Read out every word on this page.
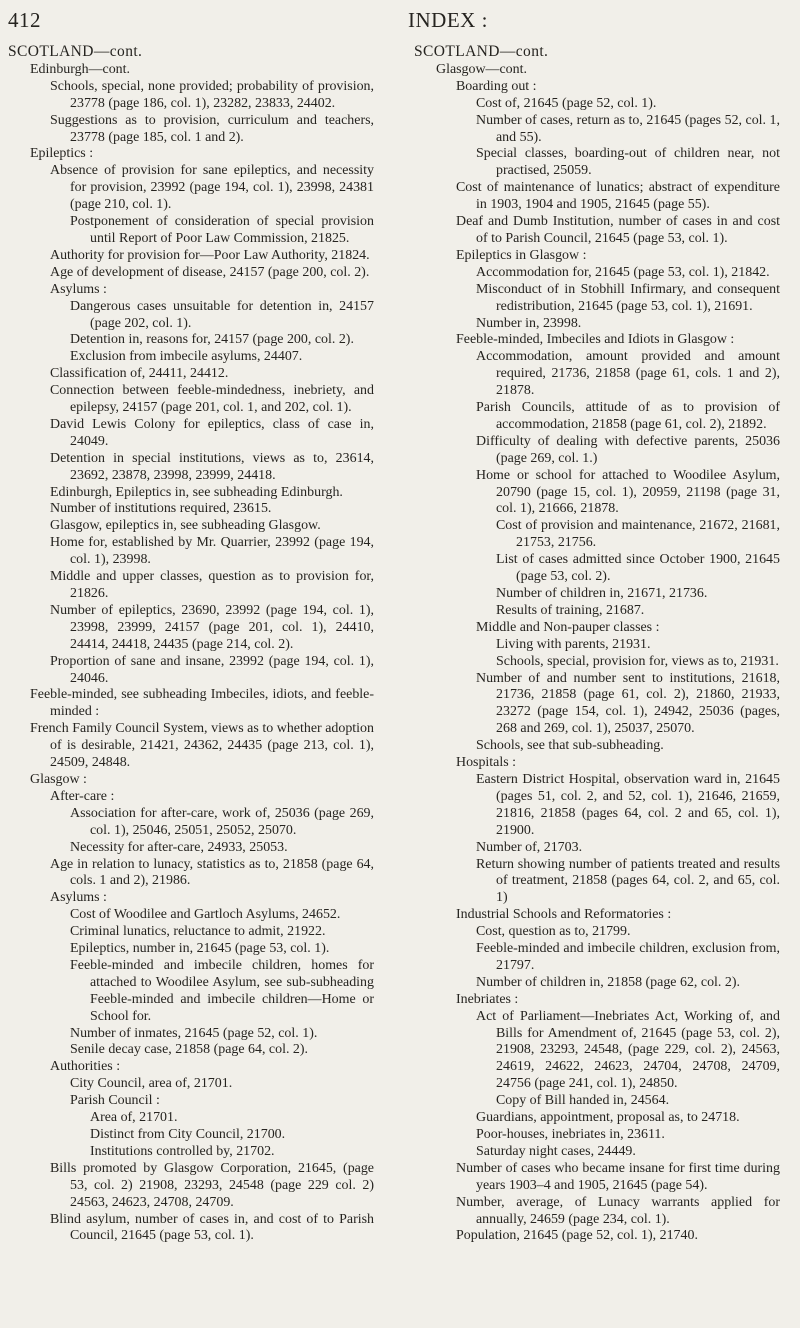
412	INDEX :
SCOTLAND—cont.
Edinburgh—cont.
Schools, special, none provided; probability of provision, 23778 (page 186, col. 1), 23282, 23833, 24402.
Suggestions as to provision, curriculum and teachers, 23778 (page 185, col. 1 and 2).
Epileptics :
Absence of provision for sane epileptics, and necessity for provision, 23992 (page 194, col. 1), 23998, 24381 (page 210, col. 1).
Postponement of consideration of special provision until Report of Poor Law Commission, 21825.
Authority for provision for—Poor Law Authority, 21824.
Age of development of disease, 24157 (page 200, col. 2).
Asylums :
Dangerous cases unsuitable for detention in, 24157 (page 202, col. 1).
Detention in, reasons for, 24157 (page 200, col. 2).
Exclusion from imbecile asylums, 24407.
Classification of, 24411, 24412.
Connection between feeble-mindedness, inebriety, and epilepsy, 24157 (page 201, col. 1, and 202, col. 1).
David Lewis Colony for epileptics, class of case in, 24049.
Detention in special institutions, views as to, 23614, 23692, 23878, 23998, 23999, 24418.
Edinburgh, Epileptics in, see subheading Edinburgh.
Number of institutions required, 23615.
Glasgow, epileptics in, see subheading Glasgow.
Home for, established by Mr. Quarrier, 23992 (page 194, col. 1), 23998.
Middle and upper classes, question as to provision for, 21826.
Number of epileptics, 23690, 23992 (page 194, col. 1), 23998, 23999, 24157 (page 201, col. 1), 24410, 24414, 24418, 24435 (page 214, col. 2).
Proportion of sane and insane, 23992 (page 194, col. 1), 24046.
Feeble-minded, see subheading Imbeciles, idiots, and feeble-minded :
French Family Council System, views as to whether adoption of is desirable, 21421, 24362, 24435 (page 213, col. 1), 24509, 24848.
Glasgow :
After-care :
Association for after-care, work of, 25036 (page 269, col. 1), 25046, 25051, 25052, 25070.
Necessity for after-care, 24933, 25053.
Age in relation to lunacy, statistics as to, 21858 (page 64, cols. 1 and 2), 21986.
Asylums :
Cost of Woodilee and Gartloch Asylums, 24652.
Criminal lunatics, reluctance to admit, 21922.
Epileptics, number in, 21645 (page 53, col. 1).
Feeble-minded and imbecile children, homes for attached to Woodilee Asylum, see sub-subheading Feeble-minded and imbecile children—Home or School for.
Number of inmates, 21645 (page 52, col. 1).
Senile decay case, 21858 (page 64, col. 2).
Authorities :
City Council, area of, 21701.
Parish Council :
Area of, 21701.
Distinct from City Council, 21700.
Institutions controlled by, 21702.
Bills promoted by Glasgow Corporation, 21645, (page 53, col. 2) 21908, 23293, 24548 (page 229 col. 2) 24563, 24623, 24708, 24709.
Blind asylum, number of cases in, and cost of to Parish Council, 21645 (page 53, col. 1).
SCOTLAND—cont.
Glasgow—cont.
Boarding out :
Cost of, 21645 (page 52, col. 1).
Number of cases, return as to, 21645 (pages 52, col. 1, and 55).
Special classes, boarding-out of children near, not practised, 25059.
Cost of maintenance of lunatics; abstract of expenditure in 1903, 1904 and 1905, 21645 (page 55).
Deaf and Dumb Institution, number of cases in and cost of to Parish Council, 21645 (page 53, col. 1).
Epileptics in Glasgow :
Accommodation for, 21645 (page 53, col. 1), 21842.
Misconduct of in Stobhill Infirmary, and consequent redistribution, 21645 (page 53, col. 1), 21691.
Number in, 23998.
Feeble-minded, Imbeciles and Idiots in Glasgow :
Accommodation, amount provided and amount required, 21736, 21858 (page 61, cols. 1 and 2), 21878.
Parish Councils, attitude of as to provision of accommodation, 21858 (page 61, col. 2), 21892.
Difficulty of dealing with defective parents, 25036 (page 269, col. 1.)
Home or school for attached to Woodilee Asylum, 20790 (page 15, col. 1), 20959, 21198 (page 31, col. 1), 21666, 21878.
Cost of provision and maintenance, 21672, 21681, 21753, 21756.
List of cases admitted since October 1900, 21645 (page 53, col. 2).
Number of children in, 21671, 21736.
Results of training, 21687.
Middle and Non-pauper classes :
Living with parents, 21931.
Schools, special, provision for, views as to, 21931.
Number of and number sent to institutions, 21618, 21736, 21858 (page 61, col. 2), 21860, 21933, 23272 (page 154, col. 1), 24942, 25036 (pages, 268 and 269, col. 1), 25037, 25070.
Schools, see that sub-subheading.
Hospitals :
Eastern District Hospital, observation ward in, 21645 (pages 51, col. 2, and 52, col. 1), 21646, 21659, 21816, 21858 (pages 64, col. 2 and 65, col. 1), 21900.
Number of, 21703.
Return showing number of patients treated and results of treatment, 21858 (pages 64, col. 2, and 65, col. 1)
Industrial Schools and Reformatories :
Cost, question as to, 21799.
Feeble-minded and imbecile children, exclusion from, 21797.
Number of children in, 21858 (page 62, col. 2).
Inebriates :
Act of Parliament—Inebriates Act, Working of, and Bills for Amendment of, 21645 (page 53, col. 2), 21908, 23293, 24548, (page 229, col. 2), 24563, 24619, 24622, 24623, 24704, 24708, 24709, 24756 (page 241, col. 1), 24850.
Copy of Bill handed in, 24564.
Guardians, appointment, proposal as, to 24718.
Poor-houses, inebriates in, 23611.
Saturday night cases, 24449.
Number of cases who became insane for first time during years 1903–4 and 1905, 21645 (page 54).
Number, average, of Lunacy warrants applied for annually, 24659 (page 234, col. 1).
Population, 21645 (page 52, col. 1), 21740.
